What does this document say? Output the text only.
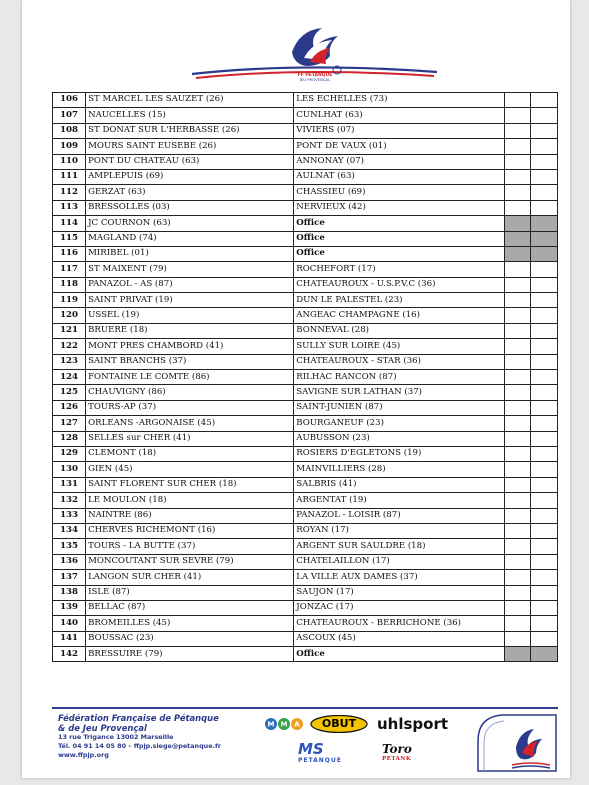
FF PÉTANQUE
JEU PROVENÇAL
106	ST MARCEL LES SAUZET (26)	LES ECHELLES (73)		
107	NAUCELLES (15)	CUNLHAT (63)		
108	ST DONAT SUR L'HERBASSE (26)	VIVIERS (07)		
109	MOURS SAINT EUSEBE (26)	PONT DE VAUX (01)		
110	PONT DU CHATEAU (63)	ANNONAY (07)		
111	AMPLEPUIS (69)	AULNAT (63)		
112	GERZAT (63)	CHASSIEU (69)		
113	BRESSOLLES (03)	NERVIEUX (42)		
114	JC COURNON (63)	Office		
115	MAGLAND (74)	Office		
116	MIRIBEL (01)	Office		
117	ST MAIXENT (79)	ROCHEFORT (17)		
118	PANAZOL - AS (87)	CHATEAUROUX - U.S.P.V.C (36)		
119	SAINT PRIVAT (19)	DUN LE PALESTEL (23)		
120	USSEL (19)	ANGEAC CHAMPAGNE (16)		
121	BRUERE (18)	BONNEVAL (28)		
122	MONT PRES CHAMBORD (41)	SULLY SUR LOIRE (45)		
123	SAINT BRANCHS (37)	CHATEAUROUX - STAR (36)		
124	FONTAINE LE COMTE (86)	RILHAC RANCON (87)		
125	CHAUVIGNY (86)	SAVIGNE SUR LATHAN (37)		
126	TOURS-AP (37)	SAINT-JUNIEN (87)		
127	ORLEANS -ARGONAISE (45)	BOURGANEUF (23)		
128	SELLES sur CHER (41)	AUBUSSON (23)		
129	CLEMONT (18)	ROSIERS D'EGLETONS (19)		
130	GIEN (45)	MAINVILLIERS (28)		
131	SAINT FLORENT SUR CHER (18)	SALBRIS (41)		
132	LE MOULON (18)	ARGENTAT (19)		
133	NAINTRE (86)	PANAZOL - LOISIR (87)		
134	CHERVES RICHEMONT (16)	ROYAN (17)		
135	TOURS - LA BUTTE (37)	ARGENT SUR SAULDRE (18)		
136	MONCOUTANT SUR SEVRE (79)	CHATELAILLON (17)		
137	LANGON SUR CHER (41)	LA VILLE AUX DAMES (37)		
138	ISLE (87)	SAUJON (17)		
139	BELLAC (87)	JONZAC (17)		
140	BROMEILLES (45)	CHATEAUROUX - BERRICHONE (36)		
141	BOUSSAC (23)	ASCOUX (45)		
142	BRESSUIRE (79)	Office		
Fédération Française de Pétanque
& de Jeu Provençal
13 rue Trigance 13002 Marseille
Tél. 04 91 14 05 80 – ffpjp.siege@petanque.fr
www.ffpjp.org
M M A	OBUT	uhlsport
MS
PETANQUE
Toro
PETANK
